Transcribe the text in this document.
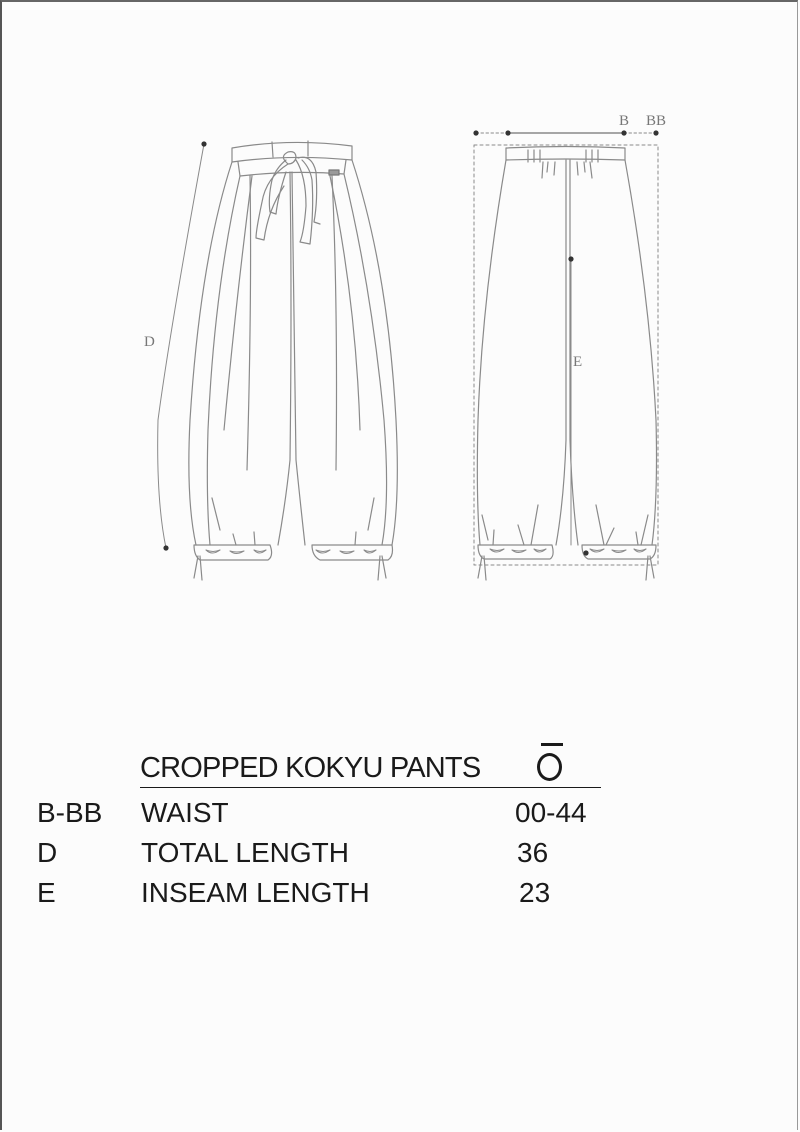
D
B BB
E
CROPPED KOKYU PANTS
B-BB WAIST	00-44
D	TOTAL LENGTH	36
E	INSEAM LENGTH	23
